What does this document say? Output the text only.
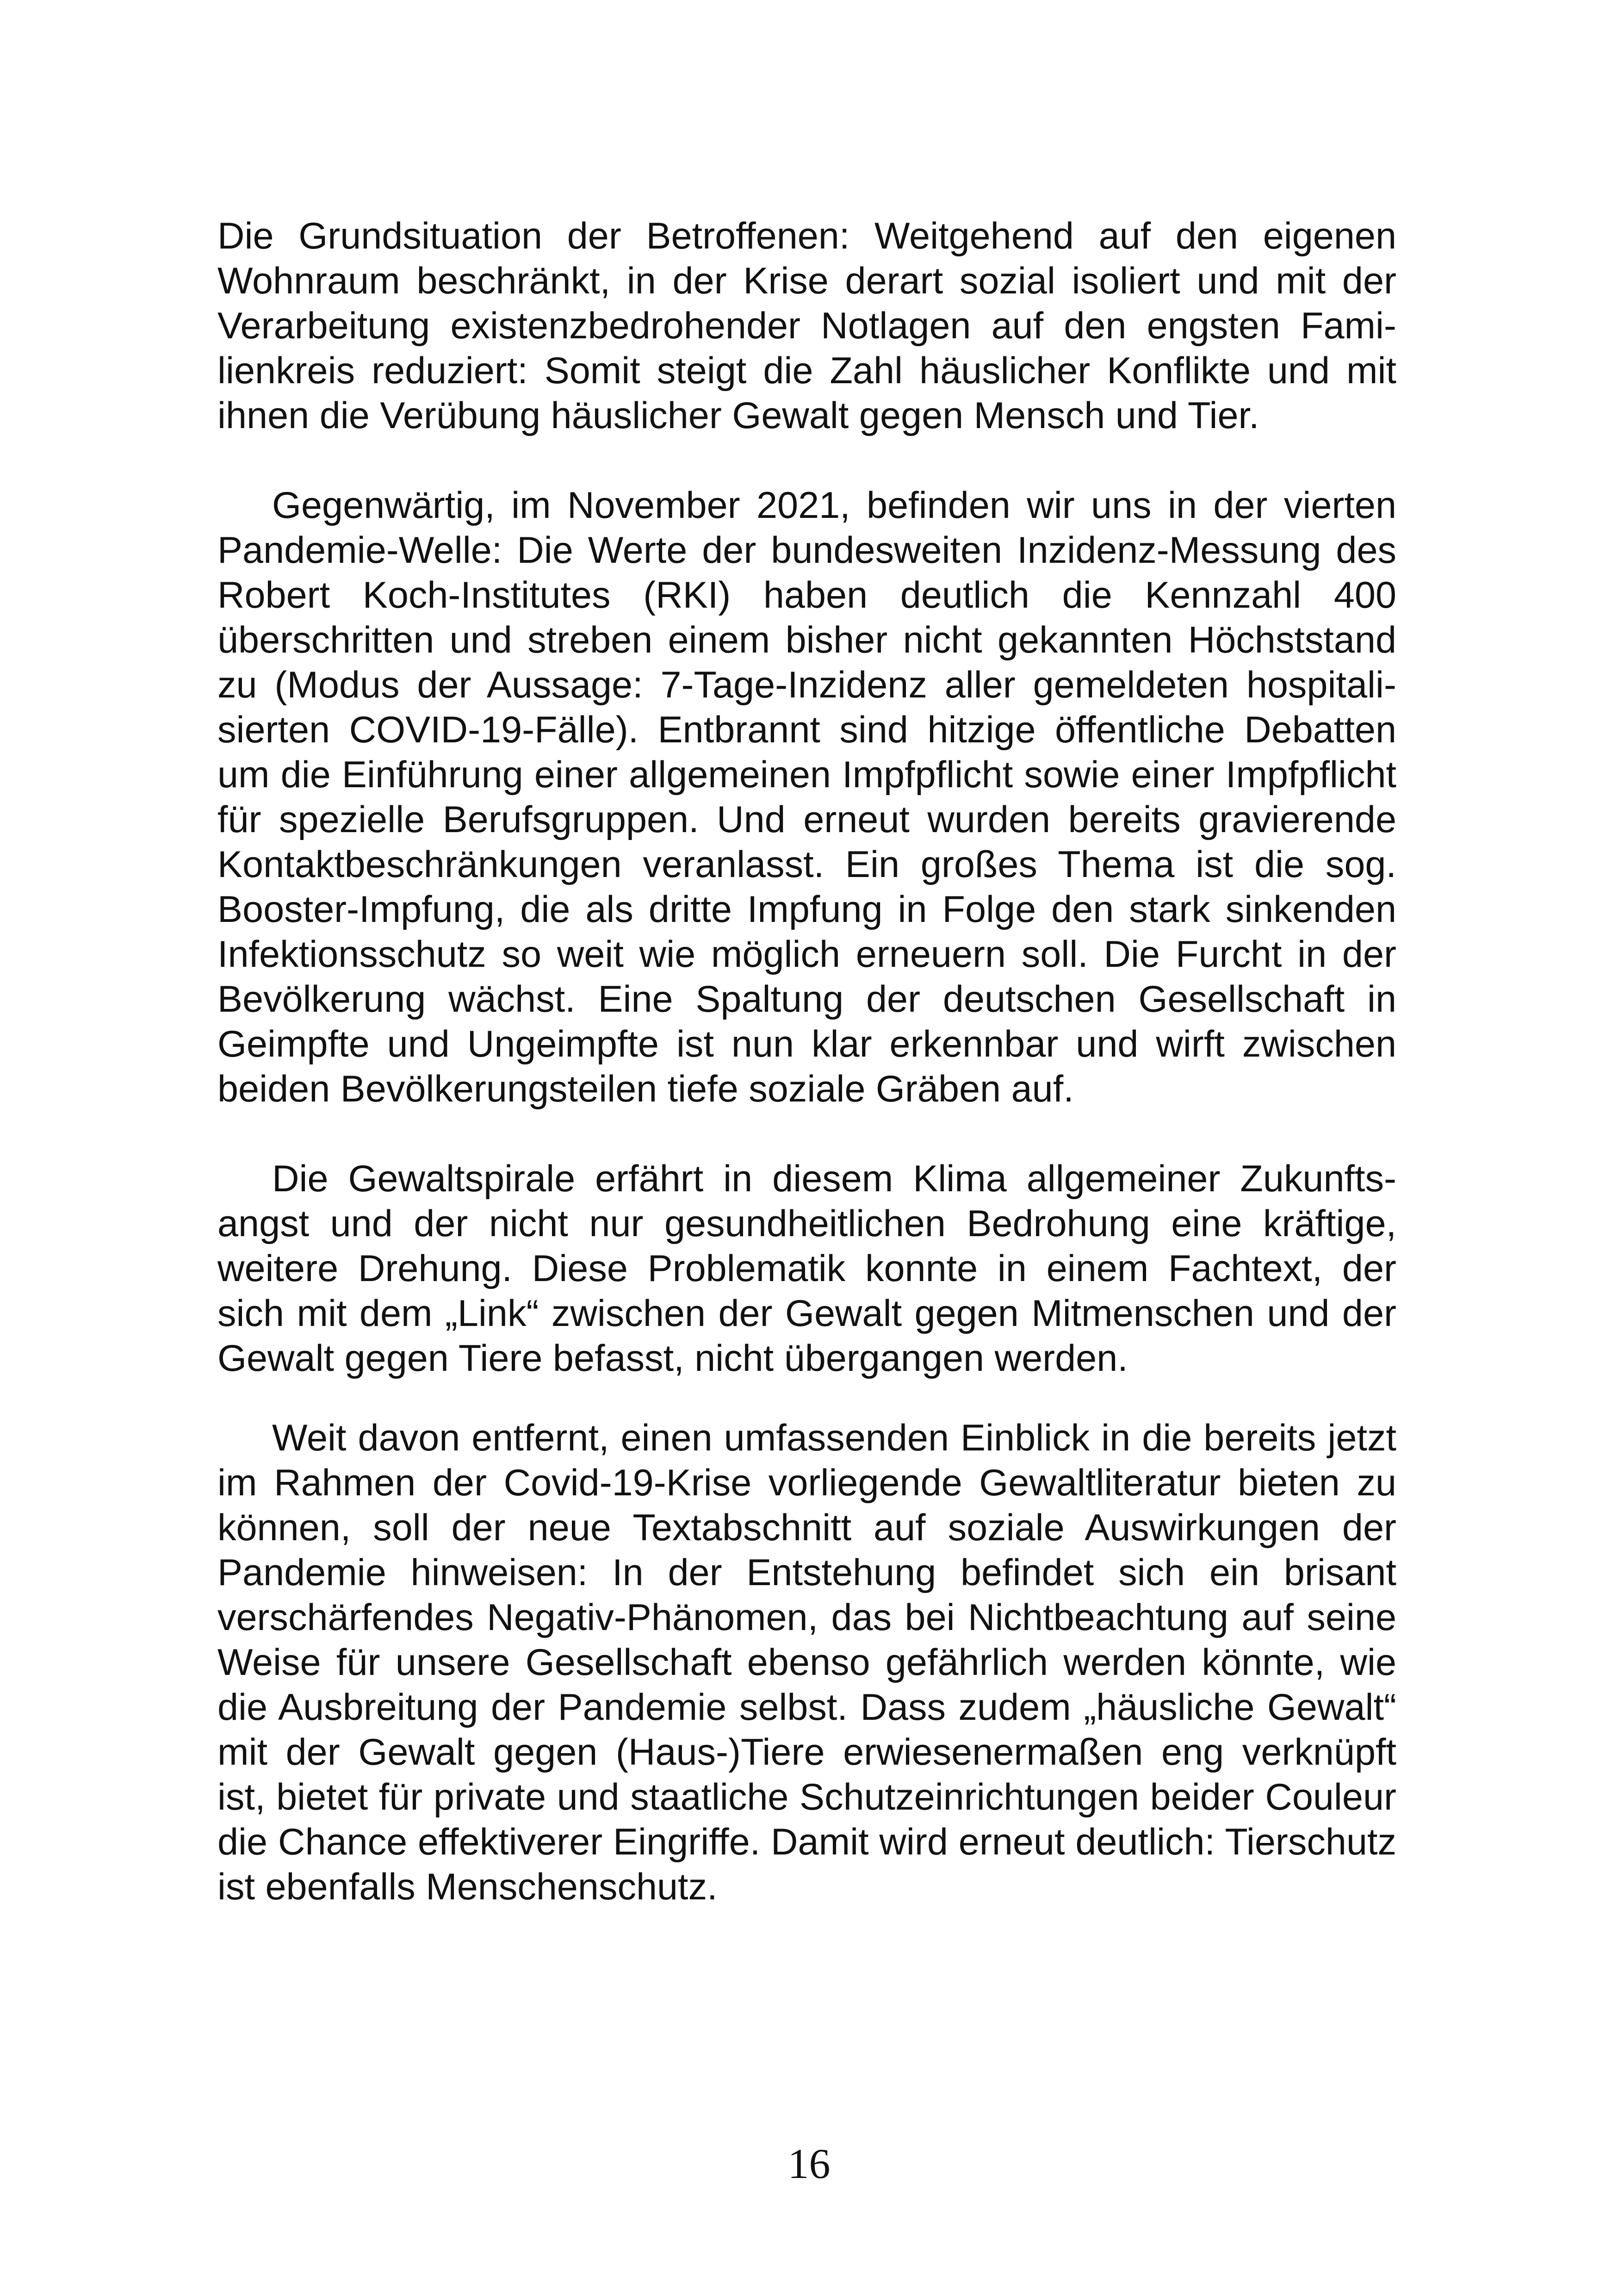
Die Grundsituation der Betroffenen: Weitgehend auf den eigenen Wohnraum beschränkt, in der Krise derart sozial isoliert und mit der Verarbeitung existenzbedrohender Notlagen auf den engsten Familienkreis reduziert: Somit steigt die Zahl häuslicher Konflikte und mit ihnen die Verübung häuslicher Gewalt gegen Mensch und Tier.

Gegenwärtig, im November 2021, befinden wir uns in der vierten Pandemie-Welle: Die Werte der bundesweiten Inzidenz-Messung des Robert Koch-Institutes (RKI) haben deutlich die Kennzahl 400 überschritten und streben einem bisher nicht gekannten Höchststand zu (Modus der Aussage: 7-Tage-Inzidenz aller gemeldeten hospitalisierten COVID-19-Fälle). Entbrannt sind hitzige öffentliche Debatten um die Einführung einer allgemeinen Impfpflicht sowie einer Impfpflicht für spezielle Berufsgruppen. Und erneut wurden bereits gravierende Kontaktbeschränkungen veranlasst. Ein großes Thema ist die sog. Booster-Impfung, die als dritte Impfung in Folge den stark sinkenden Infektionsschutz so weit wie möglich erneuern soll. Die Furcht in der Bevölkerung wächst. Eine Spaltung der deutschen Gesellschaft in Geimpfte und Ungeimpfte ist nun klar erkennbar und wirft zwischen beiden Bevölkerungsteilen tiefe soziale Gräben auf.

Die Gewaltspirale erfährt in diesem Klima allgemeiner Zukunftsangst und der nicht nur gesundheitlichen Bedrohung eine kräftige, weitere Drehung. Diese Problematik konnte in einem Fachtext, der sich mit dem „Link“ zwischen der Gewalt gegen Mitmenschen und der Gewalt gegen Tiere befasst, nicht übergangen werden.

Weit davon entfernt, einen umfassenden Einblick in die bereits jetzt im Rahmen der Covid-19-Krise vorliegende Gewaltliteratur bieten zu können, soll der neue Textabschnitt auf soziale Auswirkungen der Pandemie hinweisen: In der Entstehung befindet sich ein brisant verschärfendes Negativ-Phänomen, das bei Nichtbeachtung auf seine Weise für unsere Gesellschaft ebenso gefährlich werden könnte, wie die Ausbreitung der Pandemie selbst. Dass zudem „häusliche Gewalt“ mit der Gewalt gegen (Haus-)Tiere erwiesenermaßen eng verknüpft ist, bietet für private und staatliche Schutzeinrichtungen beider Couleur die Chance effektiverer Eingriffe. Damit wird erneut deutlich: Tierschutz ist ebenfalls Menschenschutz.

16
